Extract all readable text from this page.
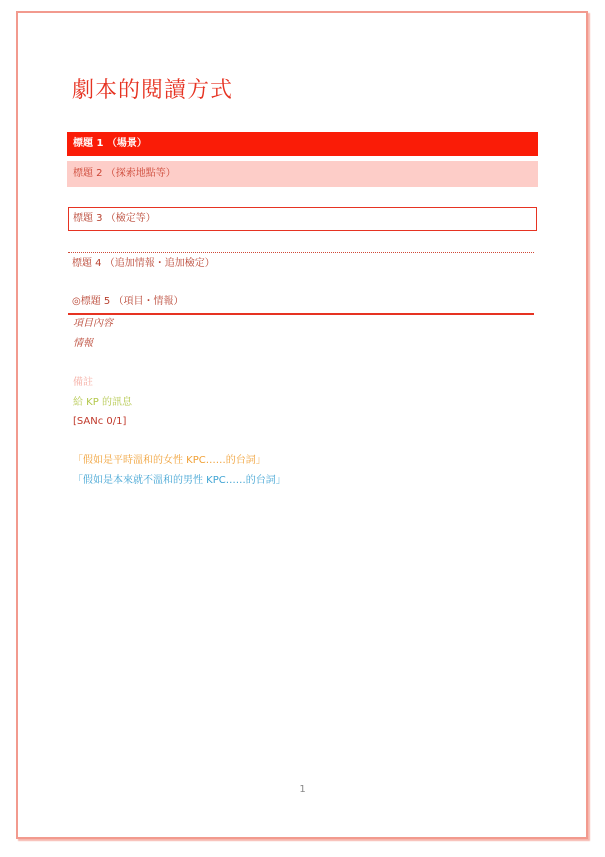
劇本的閱讀方式
標題 1 （場景）
標題 2 （探索地點等）
標題 3 （檢定等）
標題 4 （追加情報・追加檢定）
◎標題 5 （項目・情報）
項目內容
情報
備註
給 KP 的訊息
[SANc 0/1]
「假如是平時溫和的女性 KPC……的台詞」
「假如是本來就不溫和的男性 KPC……的台詞」
1
